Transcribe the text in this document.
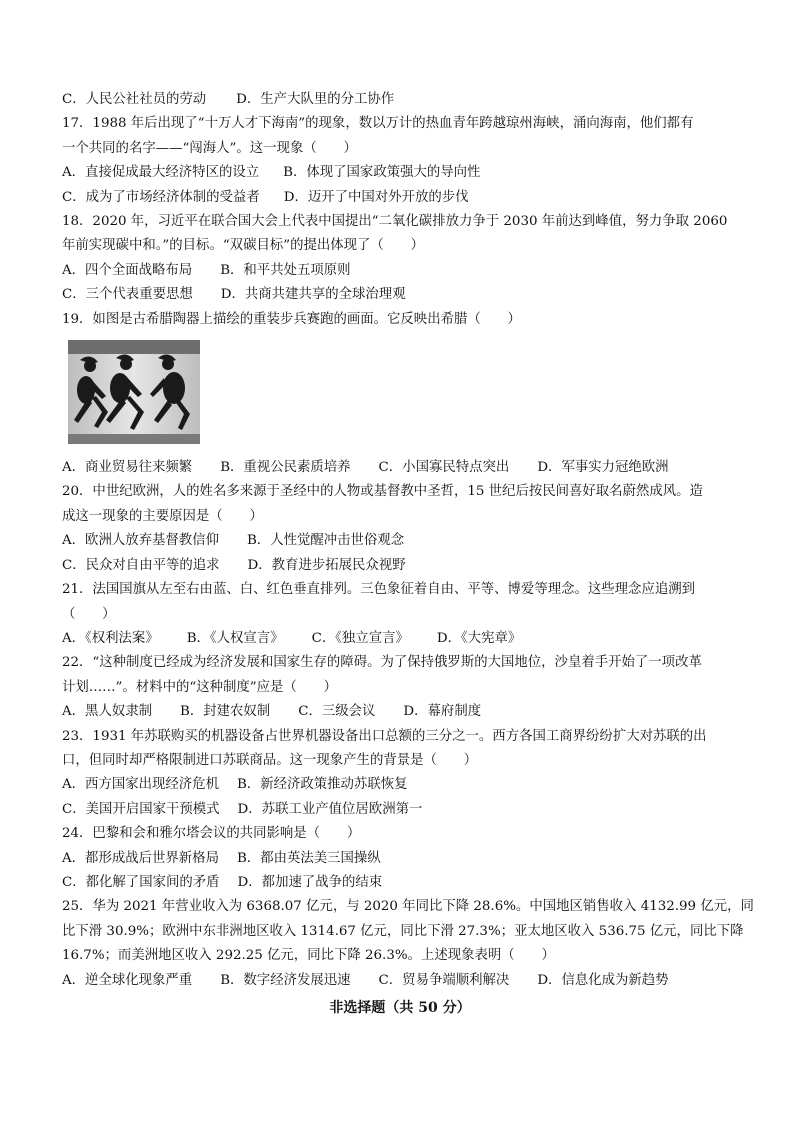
C．人民公社社员的劳动 D．生产大队里的分工协作
17．1988 年后出现了“十万人才下海南”的现象，数以万计的热血青年跨越琼州海峡，涌向海南，他们都有
一个共同的名字——“闯海人”。这一现象（　　）
A．直接促成最大经济特区的设立 B．体现了国家政策强大的导向性
C．成为了市场经济体制的受益者 D．迈开了中国对外开放的步伐
18．2020 年，习近平在联合国大会上代表中国提出“二氧化碳排放力争于 2030 年前达到峰值，努力争取 2060
年前实现碳中和。”的目标。“双碳目标”的提出体现了（　　）
A．四个全面战略布局 B．和平共处五项原则
C．三个代表重要思想 D．共商共建共享的全球治理观
19．如图是古希腊陶器上描绘的重装步兵赛跑的画面。它反映出希腊（　　）
A．商业贸易往来频繁 B．重视公民素质培养 C．小国寡民特点突出 D．军事实力冠绝欧洲
20．中世纪欧洲，人的姓名多来源于圣经中的人物或基督教中圣哲，15 世纪后按民间喜好取名蔚然成风。造
成这一现象的主要原因是（　　）
A．欧洲人放弃基督教信仰 B．人性觉醒冲击世俗观念
C．民众对自由平等的追求 D．教育进步拓展民众视野
21．法国国旗从左至右由蓝、白、红色垂直排列。三色象征着自由、平等、博爱等理念。这些理念应追溯到
（　　）
A．《权利法案》 B．《人权宣言》 C．《独立宣言》 D．《大宪章》
22．“这种制度已经成为经济发展和国家生存的障碍。为了保持俄罗斯的大国地位，沙皇着手开始了一项改革
计划……”。材料中的“这种制度”应是（　　）
A．黑人奴隶制 B．封建农奴制 C．三级会议 D．幕府制度
23．1931 年苏联购买的机器设备占世界机器设备出口总额的三分之一。西方各国工商界纷纷扩大对苏联的出
口，但同时却严格限制进口苏联商品。这一现象产生的背景是（　　）
A．西方国家出现经济危机 B．新经济政策推动苏联恢复
C．美国开启国家干预模式 D．苏联工业产值位居欧洲第一
24．巴黎和会和雅尔塔会议的共同影响是（　　）
A．都形成战后世界新格局 B．都由英法美三国操纵
C．都化解了国家间的矛盾 D．都加速了战争的结束
25．华为 2021 年营业收入为 6368.07 亿元，与 2020 年同比下降 28.6%。中国地区销售收入 4132.99 亿元，同
比下滑 30.9%；欧洲中东非洲地区收入 1314.67 亿元，同比下滑 27.3%；亚太地区收入 536.75 亿元，同比下降
16.7%；而美洲地区收入 292.25 亿元，同比下降 26.3%。上述现象表明（　　）
A．逆全球化现象严重 B．数字经济发展迅速 C．贸易争端顺利解决 D．信息化成为新趋势
非选择题（共 50 分）
